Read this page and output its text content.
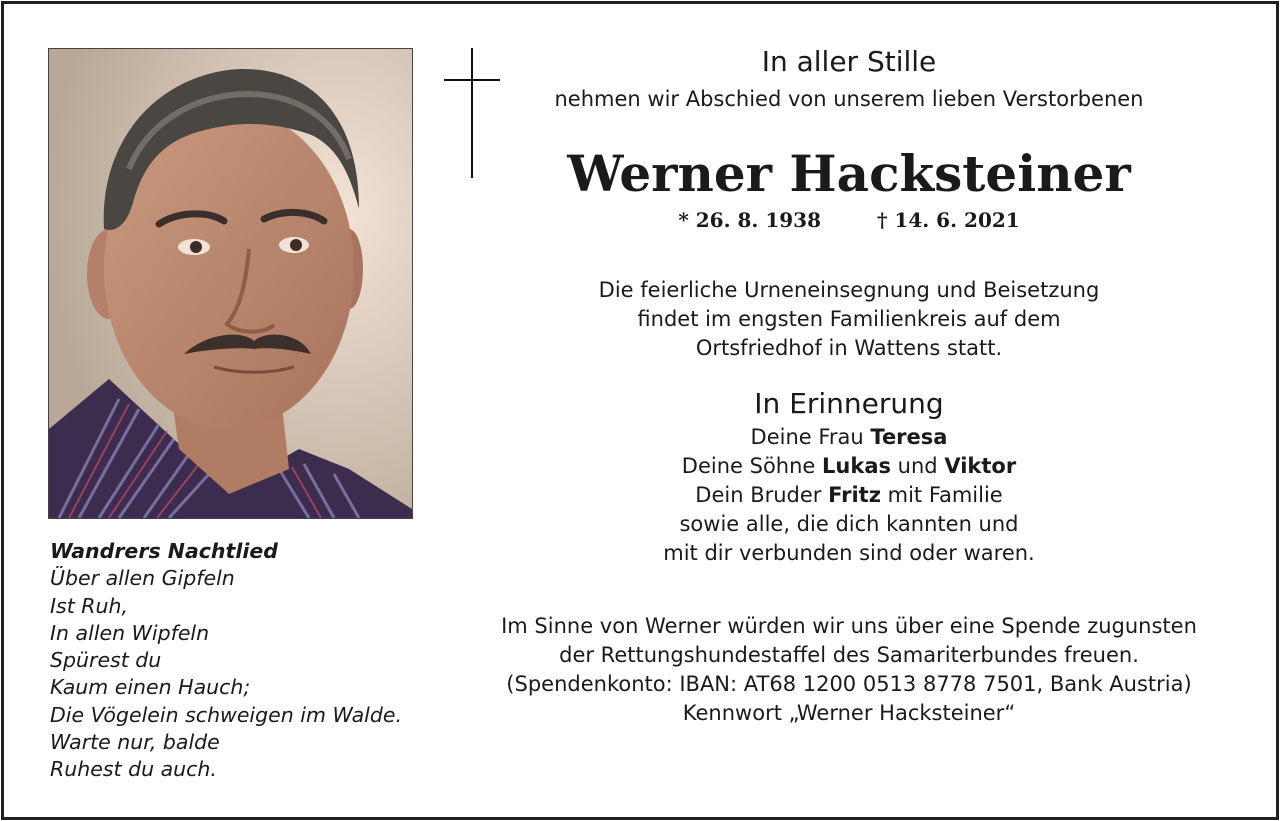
Wandrers Nachtlied
Über allen Gipfeln
Ist Ruh,
In allen Wipfeln
Spürest du
Kaum einen Hauch;
Die Vögelein schweigen im Walde.
Warte nur, balde
Ruhest du auch.
In aller Stille
nehmen wir Abschied von unserem lieben Verstorbenen
Werner Hacksteiner
* 26. 8. 1938	† 14. 6. 2021
Die feierliche Urneneinsegnung und Beisetzung
findet im engsten Familienkreis auf dem
Ortsfriedhof in Wattens statt.
In Erinnerung
Deine Frau Teresa
Deine Söhne Lukas und Viktor
Dein Bruder Fritz mit Familie
sowie alle, die dich kannten und
mit dir verbunden sind oder waren.
Im Sinne von Werner würden wir uns über eine Spende zugunsten
der Rettungshundestaffel des Samariterbundes freuen.
(Spendenkonto: IBAN: AT68 1200 0513 8778 7501, Bank Austria)
Kennwort „Werner Hacksteiner“
